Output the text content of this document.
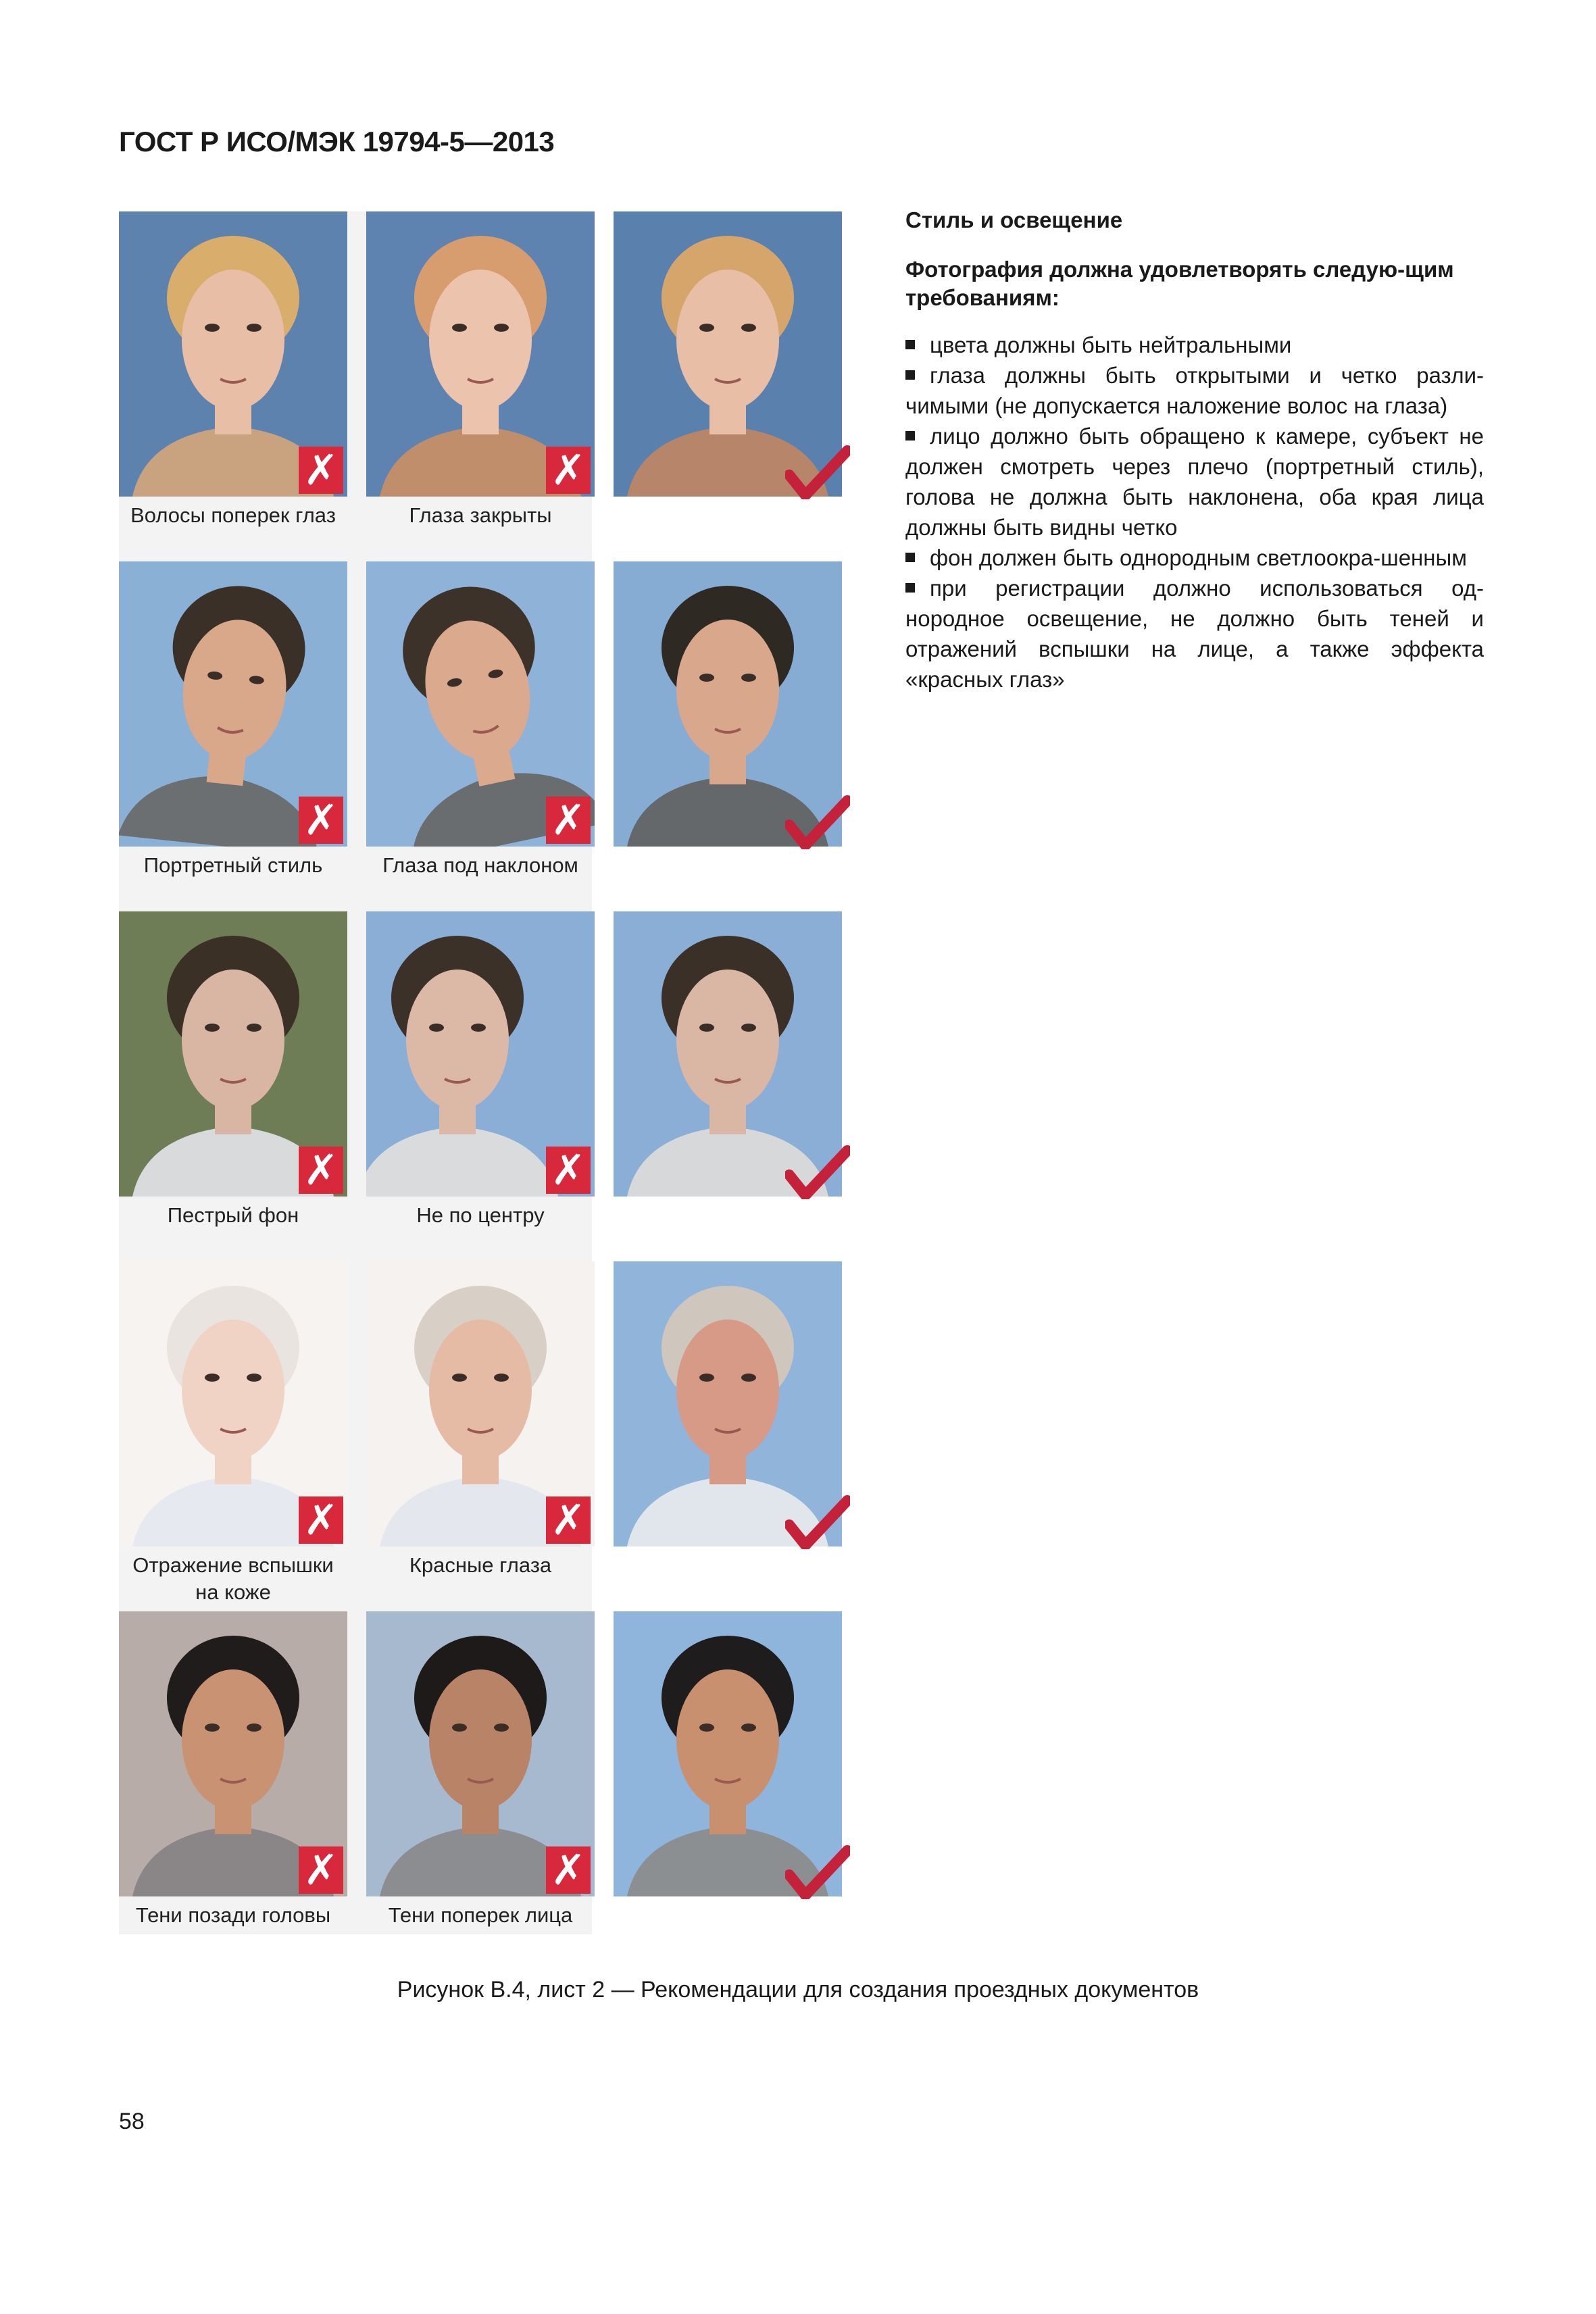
ГОСТ Р ИСО/МЭК 19794-5—2013
✗
Волосы поперек глаз
✗
Глаза закрыты
✗
Портретный стиль
✗
Глаза под наклоном
✗
Пестрый фон
✗
Не по центру
✗
Отражение вспышки на коже
✗
Красные глаза
✗
Тени позади головы
✗
Тени поперек лица
Стиль и освещение
Фотография должна удовлетворять следую-щим требованиям:
цвета должны быть нейтральными
глаза должны быть открытыми и четко разли-чимыми (не допускается наложение волос на глаза)
лицо должно быть обращено к камере, субъект не должен смотреть через плечо (портретный стиль), голова не должна быть наклонена, оба края лица должны быть видны четко
фон должен быть однородным светлоокра-шенным
при регистрации должно использоваться од-нородное освещение, не должно быть теней и отражений вспышки на лице, а также эффекта «красных глаз»
Рисунок В.4, лист 2 — Рекомендации для создания проездных документов
58
